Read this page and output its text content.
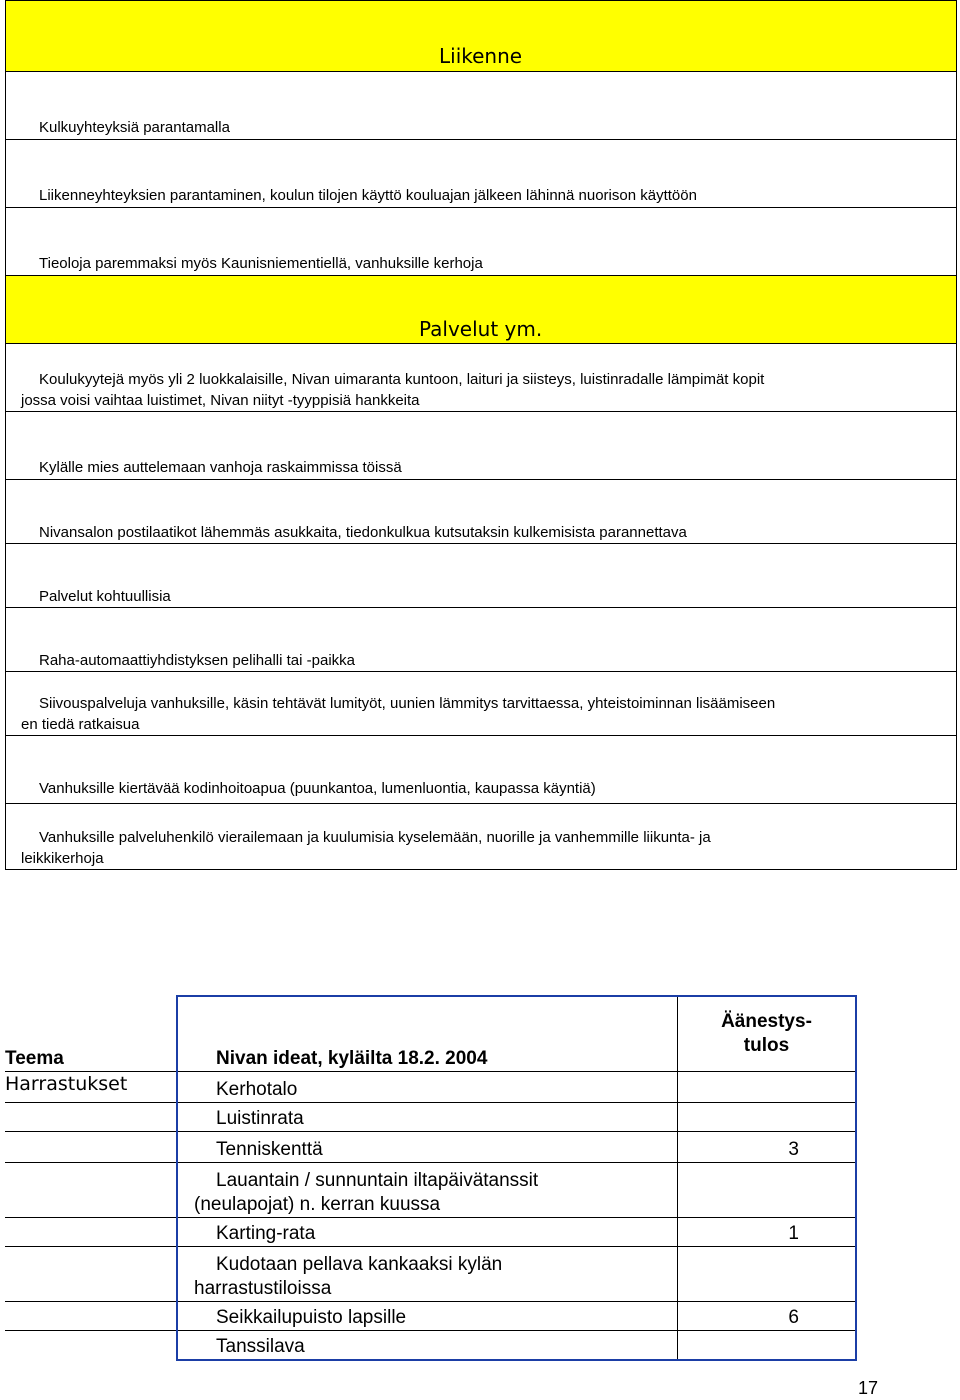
Liikenne
Kulkuyhteyksiä parantamalla
Liikenneyhteyksien parantaminen, koulun tilojen käyttö kouluajan jälkeen lähinnä nuorison käyttöön
Tieoloja paremmaksi myös Kaunisniementiellä, vanhuksille kerhoja
Palvelut ym.
Koulukyytejä myös yli 2 luokkalaisille, Nivan uimaranta kuntoon, laituri ja siisteys, luistinradalle lämpimät kopit
jossa voisi vaihtaa luistimet, Nivan niityt -tyyppisiä hankkeita
Kylälle mies auttelemaan vanhoja raskaimmissa töissä
Nivansalon postilaatikot lähemmäs asukkaita, tiedonkulkua kutsutaksin kulkemisista parannettava
Palvelut kohtuullisia
Raha-automaattiyhdistyksen pelihalli tai -paikka
Siivouspalveluja vanhuksille, käsin tehtävät lumityöt, uunien lämmitys tarvittaessa, yhteistoiminnan lisäämiseen
en tiedä ratkaisua
Vanhuksille kiertävää kodinhoitoapua (puunkantoa, lumenluontia, kaupassa käyntiä)
Vanhuksille palveluhenkilö vierailemaan ja kuulumisia kyselemään, nuorille ja vanhemmille liikunta- ja
leikkikerhoja
Teema	Nivan ideat, kyläilta 18.2. 2004	Äänestys-
tulos

Harrastukset	Kerhotalo	
	Luistinrata	
	Tenniskenttä	3

	Lauantain / sunnuntain iltapäivätanssit
(neulapojat) n. kerran kuussa	

	Karting-rata	1

	Kudotaan pellava kankaaksi kylän
harrastustiloissa	

	Seikkailupuisto lapsille	6
	Tanssilava	
17
